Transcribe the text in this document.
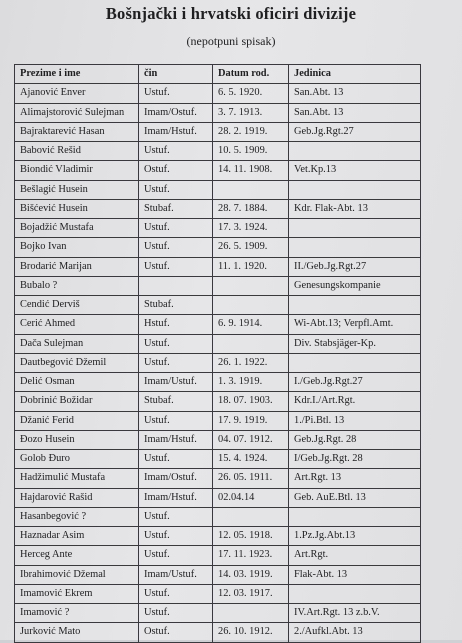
Bošnjački i hrvatski oficiri divizije
(nepotpuni spisak)
Prezime i ime	čin	Datum rod.	Jedinica
Ajanović Enver	Ustuf.	6. 5. 1920.	San.Abt. 13
Alimajstorović Sulejman	Imam/Ostuf.	3. 7. 1913.	San.Abt. 13
Bajraktarević Hasan	Imam/Hstuf.	28. 2. 1919.	Geb.Jg.Rgt.27
Babović Rešid	Ustuf.	10. 5. 1909.	
Biondić Vladimir	Ostuf.	14. 11. 1908.	Vet.Kp.13
Bešlagić Husein	Ustuf.		
Bišćević Husein	Stubaf.	28. 7. 1884.	Kdr. Flak-Abt. 13
Bojadžić Mustafa	Ustuf.	17. 3. 1924.	
Bojko Ivan	Ustuf.	26. 5. 1909.	
Brodarić Marijan	Ustuf.	11. 1. 1920.	II./Geb.Jg.Rgt.27
Bubalo ?			Genesungskompanie
Cendić Derviš	Stubaf.		
Cerić Ahmed	Hstuf.	6. 9. 1914.	Wi-Abt.13; Verpfl.Amt.
Dača Sulejman	Ustuf.		Div. Stabsjäger-Kp.
Dautbegović Džemil	Ustuf.	26. 1. 1922.	
Delić Osman	Imam/Ustuf.	1. 3. 1919.	I./Geb.Jg.Rgt.27
Dobrinić Božidar	Stubaf.	18. 07. 1903.	Kdr.I./Art.Rgt.
Džanić Ferid	Ustuf.	17. 9. 1919.	1./Pi.Btl. 13
Đozo Husein	Imam/Hstuf.	04. 07. 1912.	Geb.Jg.Rgt. 28
Golob Đuro	Ustuf.	15. 4. 1924.	I/Geb.Jg.Rgt. 28
Hadžimulić Mustafa	Imam/Ostuf.	26. 05. 1911.	Art.Rgt. 13
Hajdarović Rašid	Imam/Hstuf.	02.04.14	Geb. AuE.Btl. 13
Hasanbegović ?	Ustuf.		
Haznadar Asim	Ustuf.	12. 05. 1918.	1.Pz.Jg.Abt.13
Herceg Ante	Ustuf.	17. 11. 1923.	Art.Rgt.
Ibrahimović Džemal	Imam/Ustuf.	14. 03. 1919.	Flak-Abt. 13
Imamović Ekrem	Ustuf.	12. 03. 1917.	
Imamović ?	Ustuf.		IV.Art.Rgt. 13 z.b.V.
Jurković Mato	Ostuf.	26. 10. 1912.	2./Aufkl.Abt. 13
